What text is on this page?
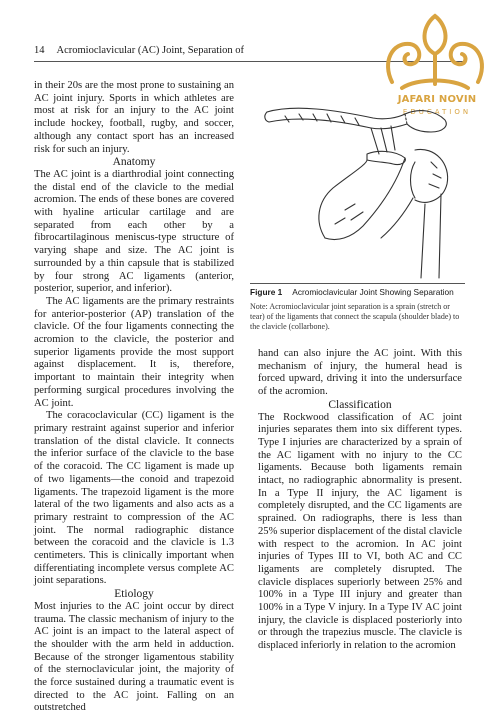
14 Acromioclavicular (AC) Joint, Separation of
JAFARI NOVIN
EDUCATION

in their 20s are the most prone to sustaining an AC joint injury. Sports in which athletes are most at risk for an injury to the AC joint include hockey, football, rugby, and soccer, although any contact sport has an increased risk for such an injury.

Anatomy

The AC joint is a diarthrodial joint connecting the distal end of the clavicle to the medial acromion. The ends of these bones are covered with hyaline articular cartilage and are separated from each other by a fibrocartilaginous meniscus-type structure of varying shape and size. The AC joint is surrounded by a thin capsule that is stabilized by four strong AC ligaments (anterior, posterior, superior, and inferior).

The AC ligaments are the primary restraints for anterior-posterior (AP) translation of the clavicle. Of the four ligaments connecting the acromion to the clavicle, the posterior and superior ligaments provide the most support against displacement. It is, therefore, important to maintain their integrity when performing surgical procedures involving the AC joint.

The coracoclavicular (CC) ligament is the primary restraint against superior and inferior translation of the distal clavicle. It connects the inferior surface of the clavicle to the base of the coracoid. The CC ligament is made up of two ligaments—the conoid and trapezoid ligaments. The trapezoid ligament is the more lateral of the two ligaments and also acts as a primary restraint to compression of the AC joint. The normal radiographic distance between the coracoid and the clavicle is 1.3 centimeters. This is clinically important when differentiating incomplete versus complete AC joint separations.

Etiology

Most injuries to the AC joint occur by direct trauma. The classic mechanism of injury to the AC joint is an impact to the lateral aspect of the shoulder with the arm held in adduction. Because of the stronger ligamentous stability of the sternoclavicular joint, the majority of the force sustained during a traumatic event is directed to the AC joint. Falling on an outstretched

Figure 1 Acromioclavicular Joint Showing Separation
Note: Acromioclavicular joint separation is a sprain (stretch or tear) of the ligaments that connect the scapula (shoulder blade) to the clavicle (collarbone).

hand can also injure the AC joint. With this mechanism of injury, the humeral head is forced upward, driving it into the undersurface of the acromion.

Classification

The Rockwood classification of AC joint injuries separates them into six different types. Type I injuries are characterized by a sprain of the AC ligament with no injury to the CC ligaments. Because both ligaments remain intact, no radiographic abnormality is present. In a Type II injury, the AC ligament is completely disrupted, and the CC ligaments are sprained. On radiographs, there is less than 25% superior displacement of the distal clavicle with respect to the acromion. In AC joint injuries of Types III to VI, both AC and CC ligaments are completely disrupted. The clavicle displaces superiorly between 25% and 100% in a Type III injury and greater than 100% in a Type V injury. In a Type IV AC joint injury, the clavicle is displaced posteriorly into or through the trapezius muscle. The clavicle is displaced inferiorly in relation to the acromion
